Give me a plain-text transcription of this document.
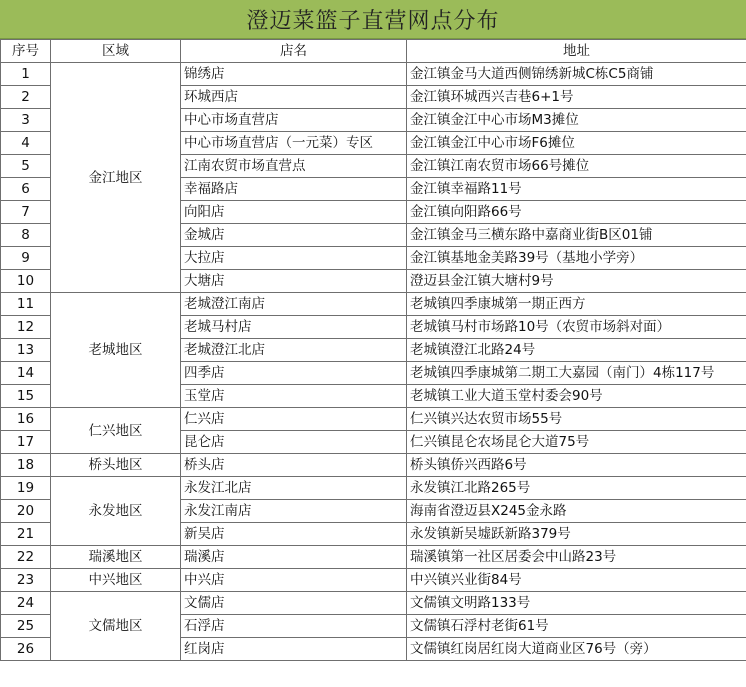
澄迈菜篮子直营网点分布
序号	区域	店名	地址
1	金江地区	锦绣店	金江镇金马大道西侧锦绣新城C栋C5商铺
2		环城西店	金江镇环城西兴吉巷6+1号
3		中心市场直营店	金江镇金江中心市场M3摊位
4		中心市场直营店（一元菜）专区	金江镇金江中心市场F6摊位
5		江南农贸市场直营点	金江镇江南农贸市场66号摊位
6		幸福路店	金江镇幸福路11号
7		向阳店	金江镇向阳路66号
8		金城店	金江镇金马三横东路中嘉商业街B区01铺
9		大拉店	金江镇基地金美路39号（基地小学旁）
10		大塘店	澄迈县金江镇大塘村9号
11	老城地区	老城澄江南店	老城镇四季康城第一期正西方
12		老城马村店	老城镇马村市场路10号（农贸市场斜对面）
13		老城澄江北店	老城镇澄江北路24号
14		四季店	老城镇四季康城第二期工大嘉园（南门）4栋117号
15		玉堂店	老城镇工业大道玉堂村委会90号
16	仁兴地区	仁兴店	仁兴镇兴达农贸市场55号
17		昆仑店	仁兴镇昆仑农场昆仑大道75号
18	桥头地区	桥头店	桥头镇侨兴西路6号
19	永发地区	永发江北店	永发镇江北路265号
20		永发江南店	海南省澄迈县X245金永路
21		新吴店	永发镇新吴墟跃新路379号
22	瑞溪地区	瑞溪店	瑞溪镇第一社区居委会中山路23号
23	中兴地区	中兴店	中兴镇兴业街84号
24	文儒地区	文儒店	文儒镇文明路133号
25		石浮店	文儒镇石浮村老街61号
26		红岗店	文儒镇红岗居红岗大道商业区76号（旁）
